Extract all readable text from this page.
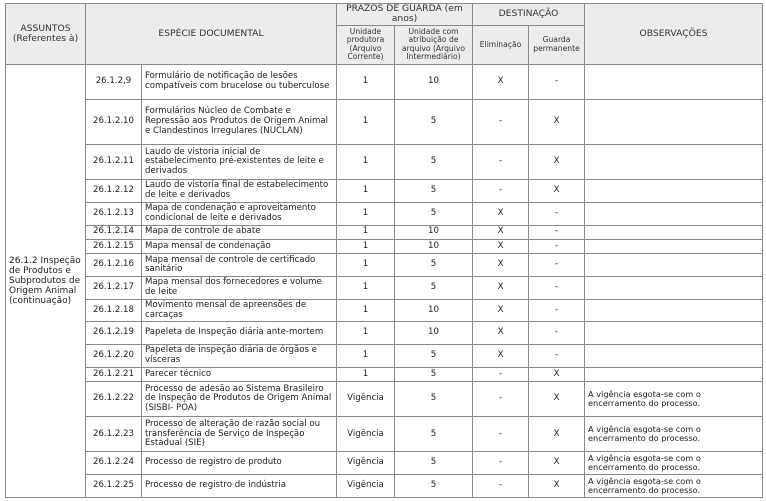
ASSUNTOS (Referentes à)	ESPÉCIE DOCUMENTAL		PRAZOS DE GUARDA (em anos)		DESTINAÇÃO		OBSERVAÇÕES
			Unidade produtora (Arquivo Corrente)	Unidade com atribuição de arquivo (Arquivo Intermediário)	Eliminação	Guarda permanente	
26.1.2 Inspeção de Produtos e Subprodutos de Origem Animal (continuação)	26.1.2,9	Formulário de notificação de lesões compatíveis com brucelose ou tuberculose	1	10	X	-	
	26.1.2.10	Formulários Núcleo de Combate e Repressão aos Produtos de Origem Animal e Clandestinos Irregulares (NUCLAN)	1	5	-	X	
	26.1.2.11	Laudo de vistoria inicial de estabelecimento pré-existentes de leite e derivados	1	5	-	X	
	26.1.2.12	Laudo de vistoria final de estabelecimento de leite e derivados	1	5	-	X	
	26.1.2.13	Mapa de condenação e aproveitamento condicional de leite e derivados	1	5	X	-	
	26.1.2.14	Mapa de controle de abate	1	10	X	-	
	26.1.2.15	Mapa mensal de condenação	1	10	X	-	
	26.1.2.16	Mapa mensal de controle de certificado sanitário	1	5	X	-	
	26.1.2.17	Mapa mensal dos fornecedores e volume de leite	1	5	X	-	
	26.1.2.18	Movimento mensal de apreensões de carcaças	1	10	X	-	
	26.1.2.19	Papeleta de Inspeção diária ante-mortem	1	10	X	-	
	26.1.2.20	Papeleta de inspeção diária de órgãos e vísceras	1	5	X	-	
	26.1.2.21	Parecer técnico	1	5	-	X	
	26.1.2.22	Processo de adesão ao Sistema Brasileiro de Inspeção de Produtos de Origem Animal (SISBI- POA)	Vigência	5	-	X	A vigência esgota-se com o encerramento do processo.
	26.1.2.23	Processo de alteração de razão social ou transferência de Serviço de Inspeção Estadual (SIE)	Vigência	5	-	X	A vigência esgota-se com o encerramento do processo.
	26.1.2.24	Processo de registro de produto	Vigência	5	-	X	A vigência esgota-se com o encerramento do processo.
	26.1.2.25	Processo de registro de indústria	Vigência	5	-	X	A vigência esgota-se com o encerramento do processo.
